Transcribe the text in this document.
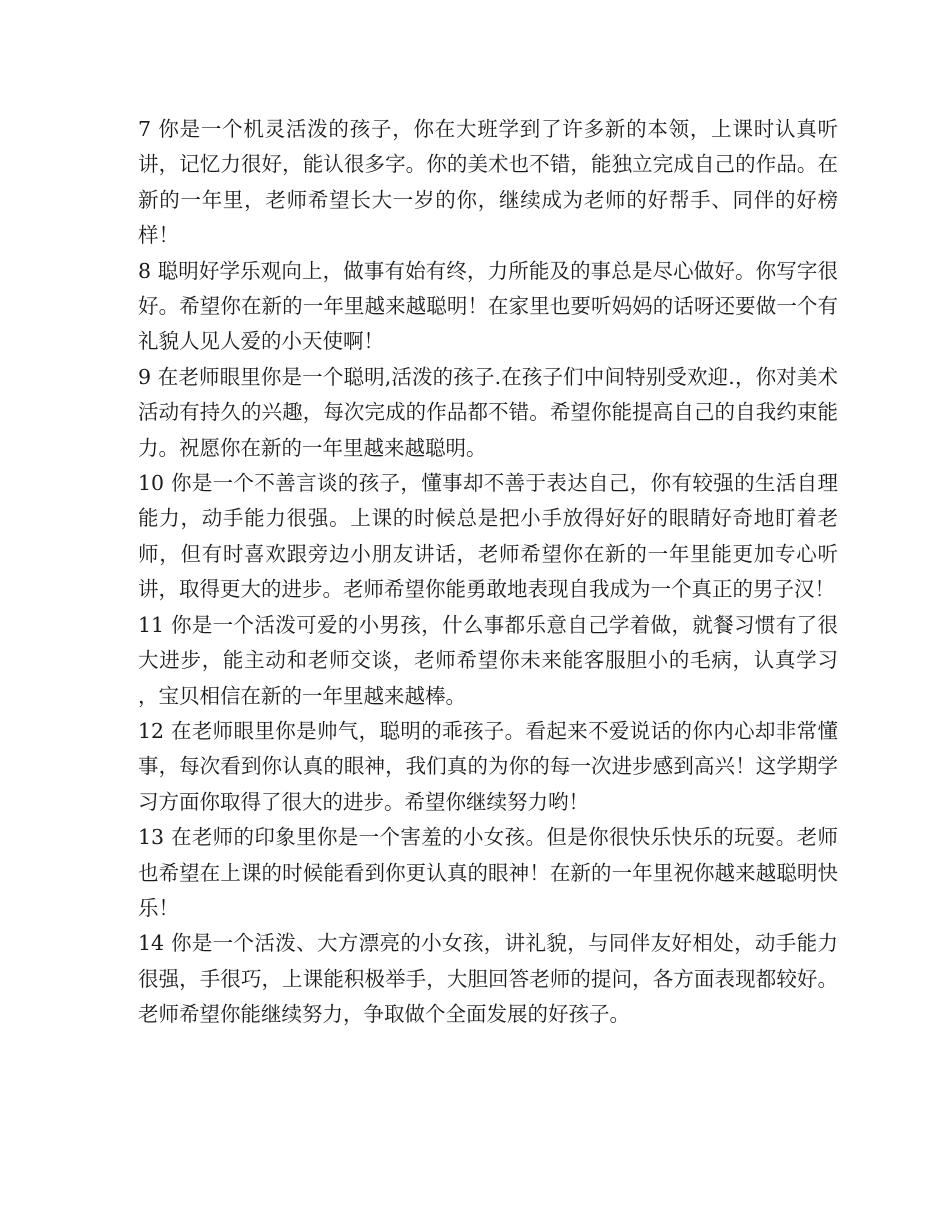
7 你是一个机灵活泼的孩子，你在大班学到了许多新的本领，上课时认真听讲，记忆力很好，能认很多字。你的美术也不错，能独立完成自己的作品。在新的一年里，老师希望长大一岁的你，继续成为老师的好帮手、同伴的好榜样！

8 聪明好学乐观向上，做事有始有终，力所能及的事总是尽心做好。你写字很好。希望你在新的一年里越来越聪明！在家里也要听妈妈的话呀还要做一个有礼貌人见人爱的小天使啊！

9 在老师眼里你是一个聪明,活泼的孩子.在孩子们中间特别受欢迎.，你对美术活动有持久的兴趣，每次完成的作品都不错。希望你能提高自己的自我约束能力。祝愿你在新的一年里越来越聪明。

10 你是一个不善言谈的孩子，懂事却不善于表达自己，你有较强的生活自理能力，动手能力很强。上课的时候总是把小手放得好好的眼睛好奇地盯着老师，但有时喜欢跟旁边小朋友讲话，老师希望你在新的一年里能更加专心听讲，取得更大的进步。老师希望你能勇敢地表现自我成为一个真正的男子汉！

11 你是一个活泼可爱的小男孩，什么事都乐意自己学着做，就餐习惯有了很大进步，能主动和老师交谈，老师希望你未来能客服胆小的毛病，认真学习 ，宝贝相信在新的一年里越来越棒。

12 在老师眼里你是帅气，聪明的乖孩子。看起来不爱说话的你内心却非常懂事，每次看到你认真的眼神，我们真的为你的每一次进步感到高兴！这学期学习方面你取得了很大的进步。希望你继续努力哟！

13 在老师的印象里你是一个害羞的小女孩。但是你很快乐快乐的玩耍。老师也希望在上课的时候能看到你更认真的眼神！在新的一年里祝你越来越聪明快乐！

14 你是一个活泼、大方漂亮的小女孩，讲礼貌，与同伴友好相处，动手能力很强，手很巧，上课能积极举手，大胆回答老师的提问，各方面表现都较好。老师希望你能继续努力，争取做个全面发展的好孩子。
